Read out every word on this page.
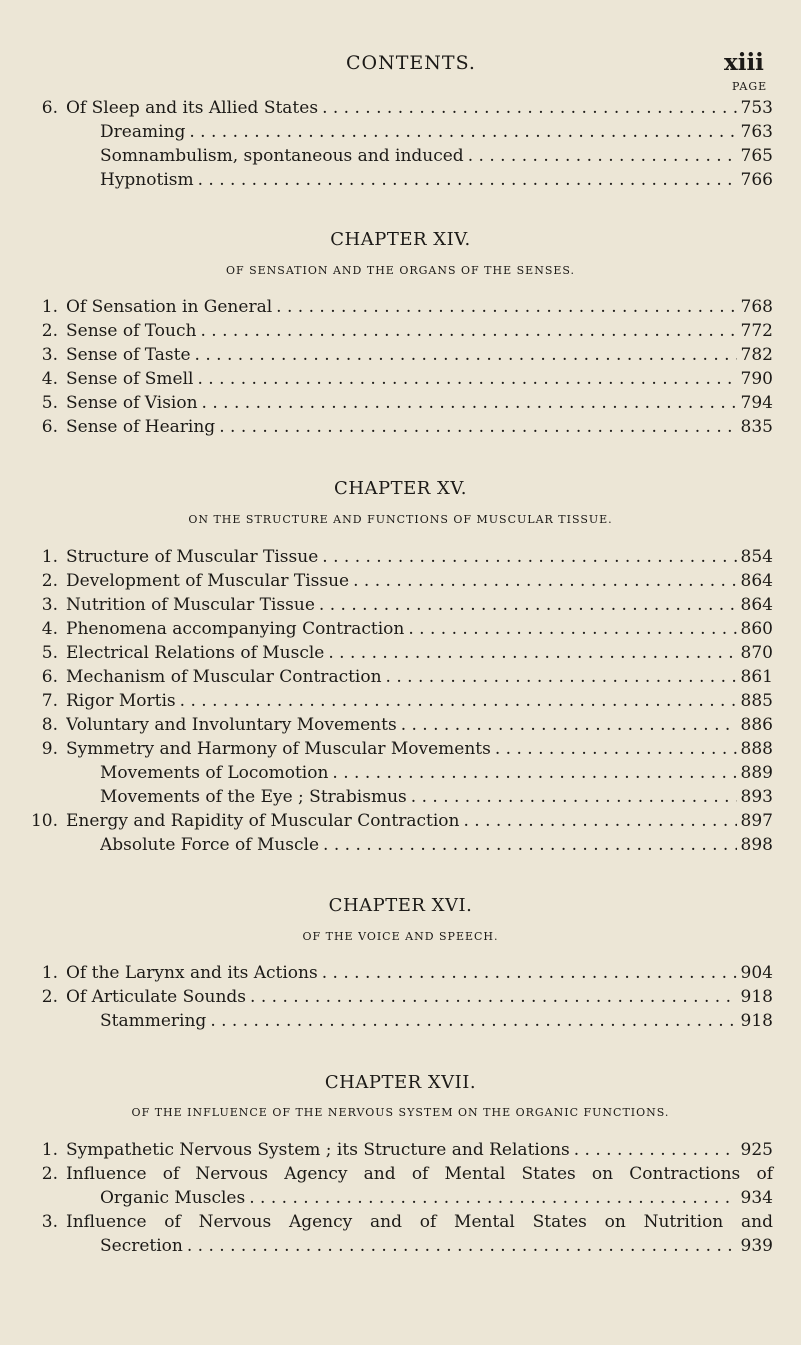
CONTENTS.	xiii
PAGE
6. Of Sleep and its Allied States . . .	753
Dreaming . . .	763
Somnambulism, spontaneous and induced . . .	765
Hypnotism . . .	766
CHAPTER XIV.
OF SENSATION AND THE ORGANS OF THE SENSES.
1. Of Sensation in General . . .	768
2. Sense of Touch . . .	772
3. Sense of Taste . . .	782
4. Sense of Smell . . .	790
5. Sense of Vision . . .	794
6. Sense of Hearing . . .	835
CHAPTER XV.
ON THE STRUCTURE AND FUNCTIONS OF MUSCULAR TISSUE.
1. Structure of Muscular Tissue . . .	854
2. Development of Muscular Tissue . . .	864
3. Nutrition of Muscular Tissue . . .	864
4. Phenomena accompanying Contraction . . .	860
5. Electrical Relations of Muscle . . .	870
6. Mechanism of Muscular Contraction . . .	861
7. Rigor Mortis . . .	885
8. Voluntary and Involuntary Movements . . .	886
9. Symmetry and Harmony of Muscular Movements . . .	888
Movements of Locomotion . . .	889
Movements of the Eye ; Strabismus . . .	893
10. Energy and Rapidity of Muscular Contraction . . .	897
Absolute Force of Muscle . . .	898
CHAPTER XVI.
OF THE VOICE AND SPEECH.
1. Of the Larynx and its Actions . . .	904
2. Of Articulate Sounds . . .	918
Stammering . . .	918
CHAPTER XVII.
OF THE INFLUENCE OF THE NERVOUS SYSTEM ON THE ORGANIC FUNCTIONS.
1. Sympathetic Nervous System ; its Structure and Relations . . .	925
2. Influence of Nervous Agency and of Mental States on Contractions of
Organic Muscles . . .	934
3. Influence of Nervous Agency and of Mental States on Nutrition and
Secretion . . .	939
